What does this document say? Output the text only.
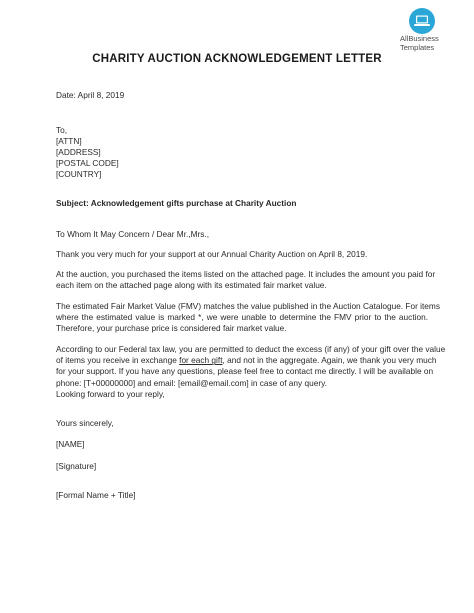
AllBusiness
Templates
CHARITY AUCTION ACKNOWLEDGEMENT LETTER
Date: April 8, 2019
To,
[ATTN]
[ADDRESS]
[POSTAL CODE]
[COUNTRY]
Subject: Acknowledgement gifts purchase at Charity Auction
To Whom It May Concern / Dear Mr.,Mrs.,
Thank you very much for your support at our Annual Charity Auction on April 8, 2019.
At the auction, you purchased the items listed on the attached page. It includes the amount you paid for
each item on the attached page along with its estimated fair market value.
The estimated Fair Market Value (FMV) matches the value published in the Auction Catalogue. For items
where the estimated value is marked *, we were unable to determine the FMV prior to the auction.
Therefore, your purchase price is considered fair market value.
According to our Federal tax law, you are permitted to deduct the excess (if any) of your gift over the value
of items you receive in exchange for each gift, and not in the aggregate. Again, we thank you very much
for your support. If you have any questions, please feel free to contact me directly. I will be available on
phone: [T+00000000] and email: [email@email.com] in case of any query.
Looking forward to your reply,
Yours sincerely,
[NAME]
[Signature]
[Formal Name + Title]
